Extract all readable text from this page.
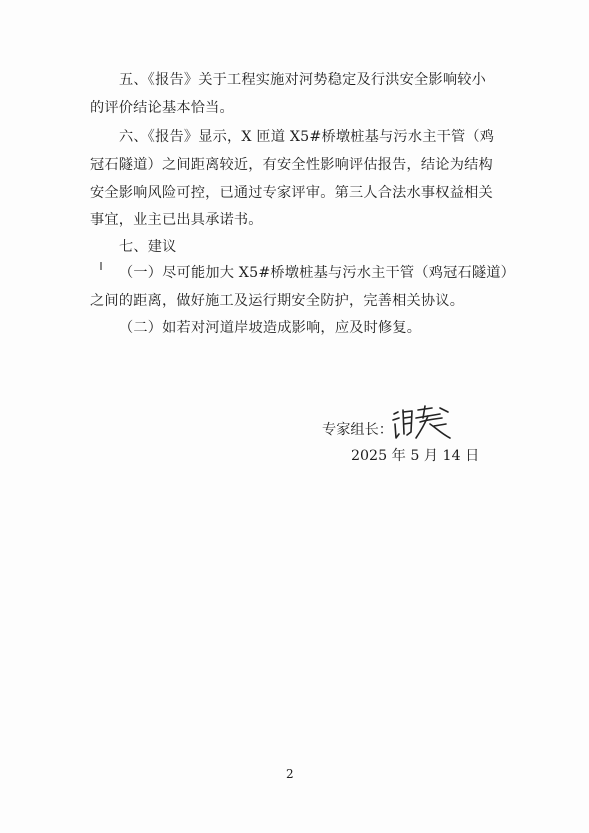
五、《报告》关于工程实施对河势稳定及行洪安全影响较小
的评价结论基本恰当。
六、《报告》显示，X 匝道 X5#桥墩桩基与污水主干管（鸡
冠石隧道）之间距离较近，有安全性影响评估报告，结论为结构
安全影响风险可控，已通过专家评审。第三人合法水事权益相关
事宜，业主已出具承诺书。
七、建议
（一）尽可能加大 X5#桥墩桩基与污水主干管（鸡冠石隧道）
之间的距离，做好施工及运行期安全防护，完善相关协议。
（二）如若对河道岸坡造成影响，应及时修复。
专家组长：
2025 年 5 月 14 日
2
